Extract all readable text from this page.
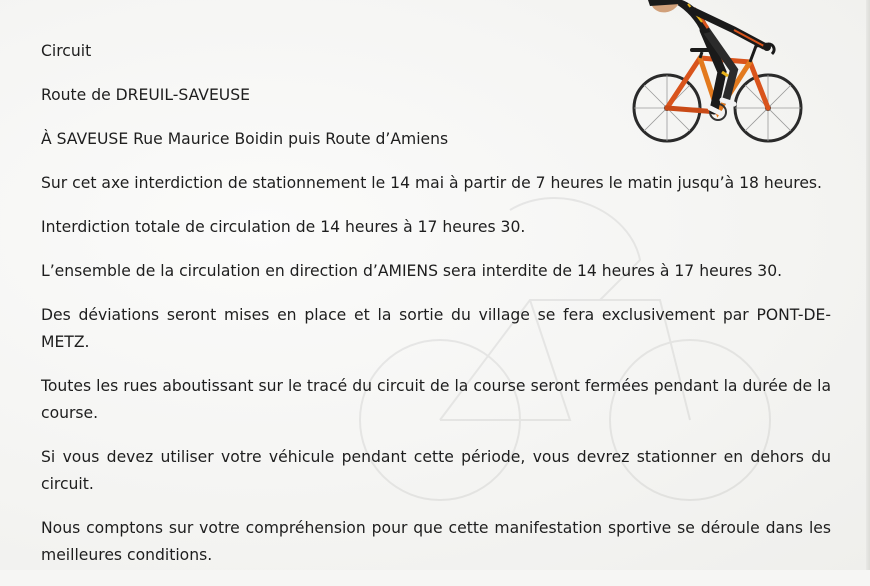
Circuit

Route de DREUIL-SAVEUSE

À SAVEUSE Rue Maurice Boidin puis Route d’Amiens

Sur cet axe interdiction de stationnement le 14 mai à partir de 7 heures le matin jusqu’à 18 heures.

Interdiction totale de circulation de 14 heures à 17 heures 30.

L’ensemble de la circulation en direction d’AMIENS sera interdite de 14 heures à 17 heures 30.

Des déviations seront mises en place et la sortie du village se fera exclusivement par PONT-DE-METZ.

Toutes les rues aboutissant sur le tracé du circuit de la course seront fermées pendant la durée de la course.

Si vous devez utiliser votre véhicule pendant cette période, vous devrez stationner en dehors du circuit.

Nous comptons sur votre compréhension pour que cette manifestation sportive se déroule dans les meilleures conditions.
